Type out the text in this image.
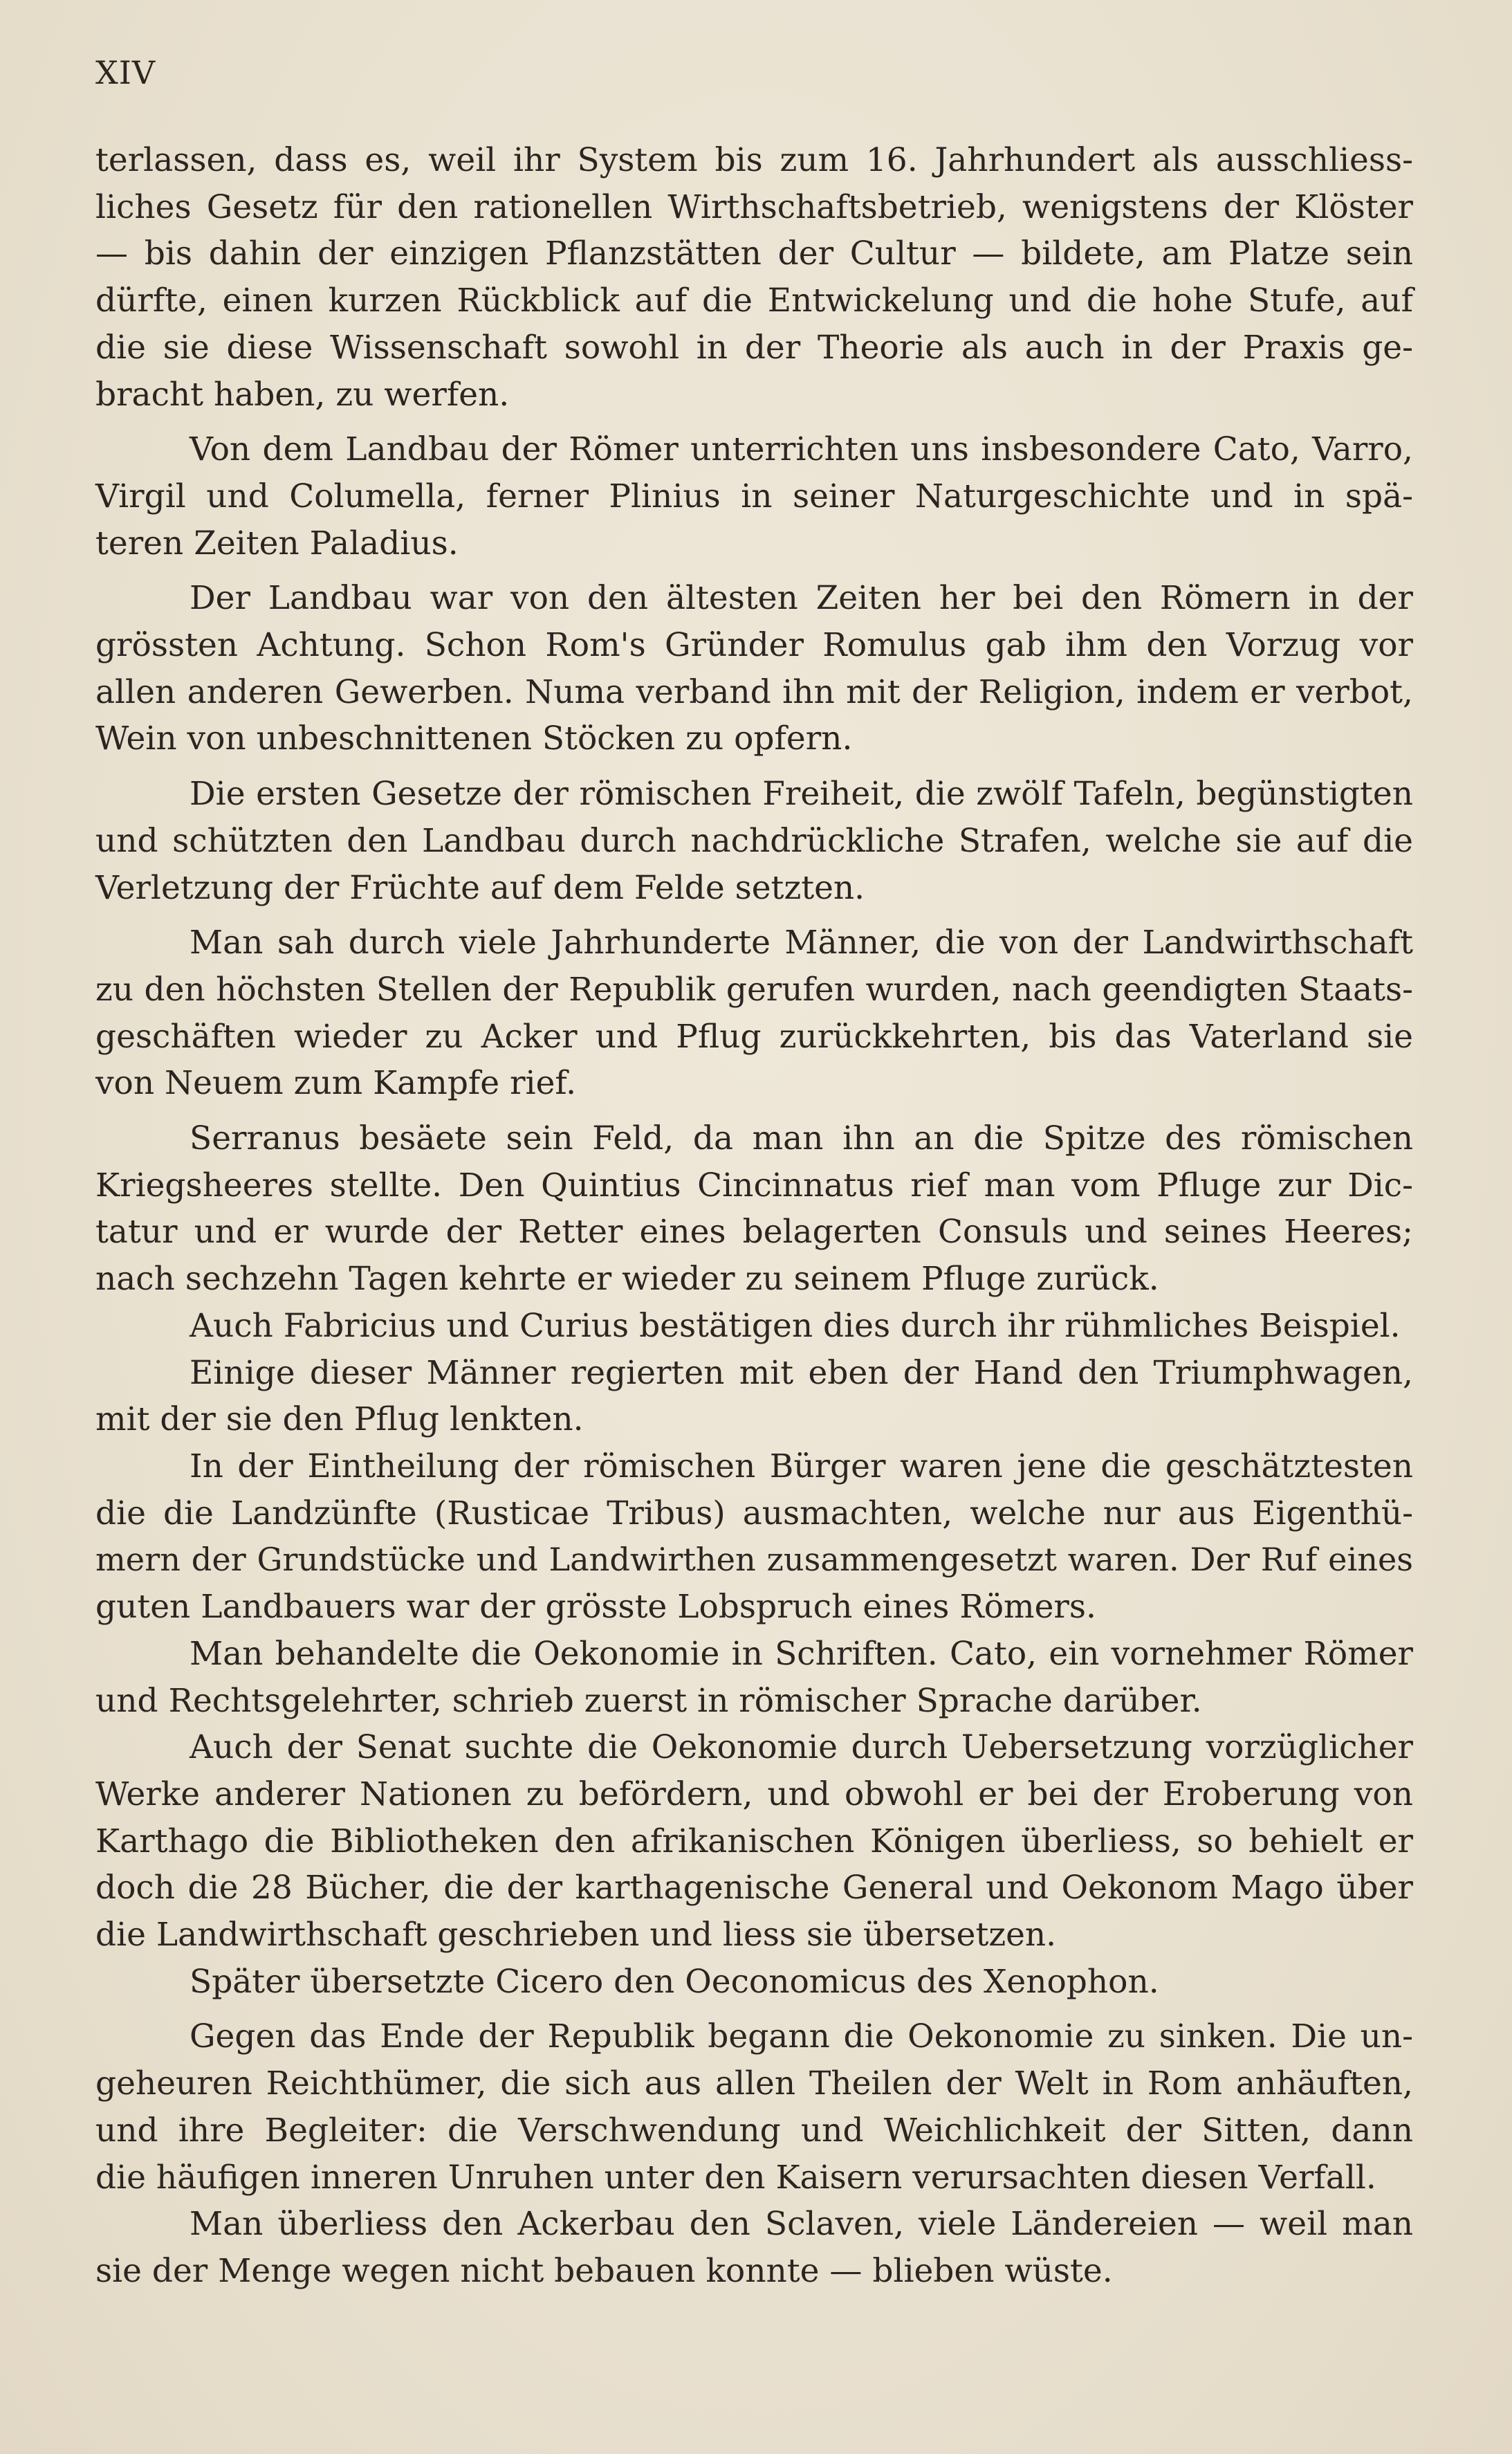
XIV
terlassen, dass es, weil ihr System bis zum 16. Jahrhundert als ausschliess-
liches Gesetz für den rationellen Wirthschaftsbetrieb, wenigstens der Klöster
— bis dahin der einzigen Pflanzstätten der Cultur — bildete, am Platze sein
dürfte, einen kurzen Rückblick auf die Entwickelung und die hohe Stufe, auf
die sie diese Wissenschaft sowohl in der Theorie als auch in der Praxis ge-
bracht haben, zu werfen.
Von dem Landbau der Römer unterrichten uns insbesondere Cato, Varro,
Virgil und Columella, ferner Plinius in seiner Naturgeschichte und in spä-
teren Zeiten Paladius.
Der Landbau war von den ältesten Zeiten her bei den Römern in der
grössten Achtung. Schon Rom's Gründer Romulus gab ihm den Vorzug vor
allen anderen Gewerben. Numa verband ihn mit der Religion, indem er verbot,
Wein von unbeschnittenen Stöcken zu opfern.
Die ersten Gesetze der römischen Freiheit, die zwölf Tafeln, begünstigten
und schützten den Landbau durch nachdrückliche Strafen, welche sie auf die
Verletzung der Früchte auf dem Felde setzten.
Man sah durch viele Jahrhunderte Männer, die von der Landwirthschaft
zu den höchsten Stellen der Republik gerufen wurden, nach geendigten Staats-
geschäften wieder zu Acker und Pflug zurückkehrten, bis das Vaterland sie
von Neuem zum Kampfe rief.
Serranus besäete sein Feld, da man ihn an die Spitze des römischen
Kriegsheeres stellte. Den Quintius Cincinnatus rief man vom Pfluge zur Dic-
tatur und er wurde der Retter eines belagerten Consuls und seines Heeres;
nach sechzehn Tagen kehrte er wieder zu seinem Pfluge zurück.
Auch Fabricius und Curius bestätigen dies durch ihr rühmliches Beispiel.
Einige dieser Männer regierten mit eben der Hand den Triumphwagen,
mit der sie den Pflug lenkten.
In der Eintheilung der römischen Bürger waren jene die geschätztesten
die die Landzünfte (Rusticae Tribus) ausmachten, welche nur aus Eigenthü-
mern der Grundstücke und Landwirthen zusammengesetzt waren. Der Ruf eines
guten Landbauers war der grösste Lobspruch eines Römers.
Man behandelte die Oekonomie in Schriften. Cato, ein vornehmer Römer
und Rechtsgelehrter, schrieb zuerst in römischer Sprache darüber.
Auch der Senat suchte die Oekonomie durch Uebersetzung vorzüglicher
Werke anderer Nationen zu befördern, und obwohl er bei der Eroberung von
Karthago die Bibliotheken den afrikanischen Königen überliess, so behielt er
doch die 28 Bücher, die der karthagenische General und Oekonom Mago über
die Landwirthschaft geschrieben und liess sie übersetzen.
Später übersetzte Cicero den Oeconomicus des Xenophon.
Gegen das Ende der Republik begann die Oekonomie zu sinken. Die un-
geheuren Reichthümer, die sich aus allen Theilen der Welt in Rom anhäuften,
und ihre Begleiter: die Verschwendung und Weichlichkeit der Sitten, dann
die häufigen inneren Unruhen unter den Kaisern verursachten diesen Verfall.
Man überliess den Ackerbau den Sclaven, viele Ländereien — weil man
sie der Menge wegen nicht bebauen konnte — blieben wüste.
